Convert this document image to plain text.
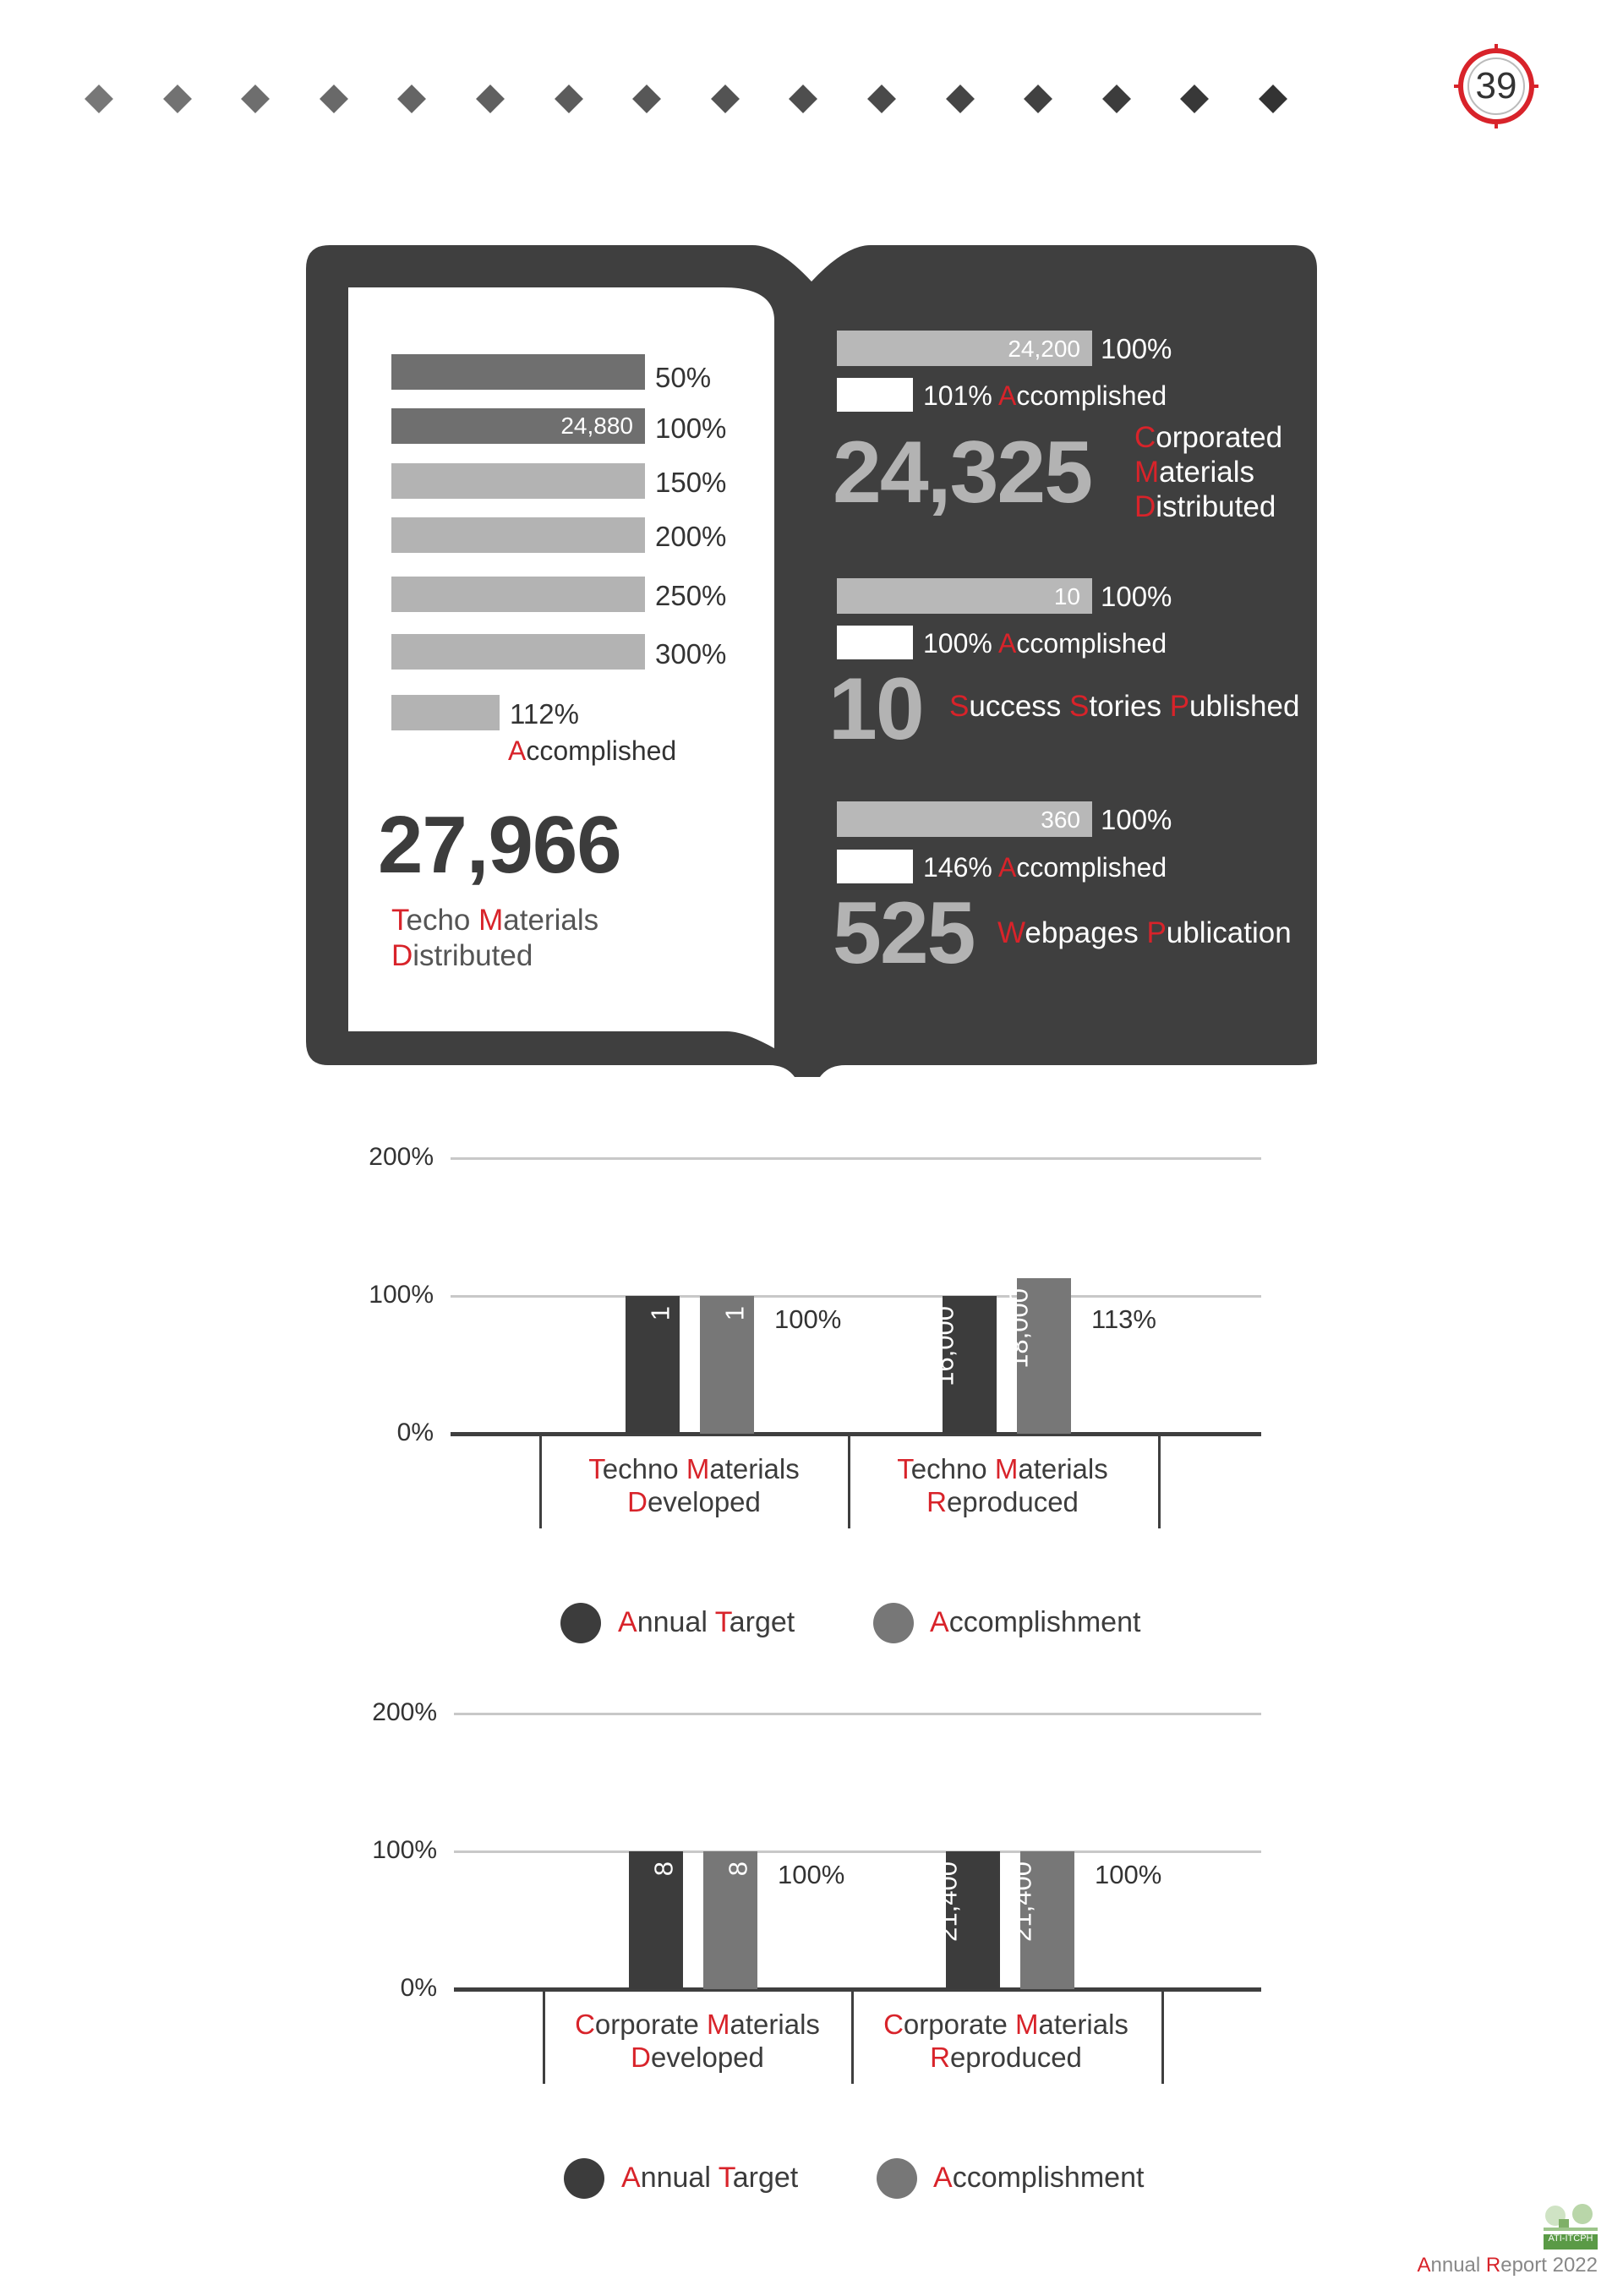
39
50%
24,880 100%
150%
200%
250%
300%
112%
Accomplished
27,966
Techo Materials
Distributed
24,200 100%
101% Accomplished
24,325 Corporated
Materials
Distributed
10 100%
100% Accomplished
10 Success Stories Published
360 100%
146% Accomplished
525 Webpages Publication
200%
100%
0%
1 1 100%
Techno Materials
Developed
16,000 18,000 113%
Techno Materials
Reproduced
Annual Target	Accomplishment
200%
100%
0%
8 8 100%
Corporate Materials
Developed
21,400 21,400 100%
Corporate Materials
Reproduced
Annual Target	Accomplishment
ATI-ITCPH
Annual Report 2022
